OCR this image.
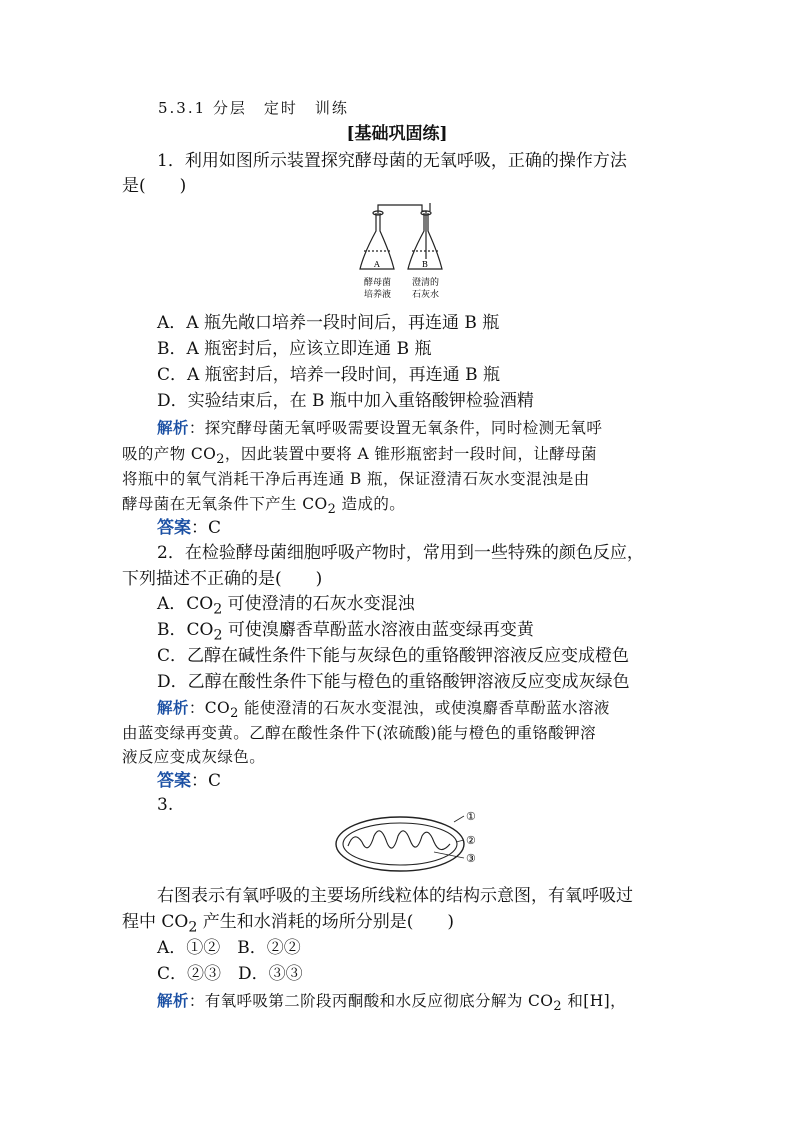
5.3.1 分层　定时　训练
[基础巩固练]
1．利用如图所示装置探究酵母菌的无氧呼吸，正确的操作方法
是(　　)
A	B
酵母菌
培养液
澄清的
石灰水
A．A 瓶先敞口培养一段时间后，再连通 B 瓶
B．A 瓶密封后，应该立即连通 B 瓶
C．A 瓶密封后，培养一段时间，再连通 B 瓶
D．实验结束后，在 B 瓶中加入重铬酸钾检验酒精
解析：探究酵母菌无氧呼吸需要设置无氧条件，同时检测无氧呼
吸的产物 $CO_2$，因此装置中要将 A 锥形瓶密封一段时间，让酵母菌
将瓶中的氧气消耗干净后再连通 B 瓶，保证澄清石灰水变混浊是由
酵母菌在无氧条件下产生 $CO_2$ 造成的。
答案：C
2．在检验酵母菌细胞呼吸产物时，常用到一些特殊的颜色反应，
下列描述不正确的是(　　)
A．$CO_2$ 可使澄清的石灰水变混浊
B．$CO_2$ 可使溴麝香草酚蓝水溶液由蓝变绿再变黄
C．乙醇在碱性条件下能与灰绿色的重铬酸钾溶液反应变成橙色
D．乙醇在酸性条件下能与橙色的重铬酸钾溶液反应变成灰绿色
解析：$CO_2$ 能使澄清的石灰水变混浊，或使溴麝香草酚蓝水溶液
由蓝变绿再变黄。乙醇在酸性条件下(浓硫酸)能与橙色的重铬酸钾溶
液反应变成灰绿色。
答案：C
3.
①
②
③
右图表示有氧呼吸的主要场所线粒体的结构示意图，有氧呼吸过
程中 $CO_2$ 产生和水消耗的场所分别是(　　)
A．①②　B．②②
C．②③　D．③③
解析：有氧呼吸第二阶段丙酮酸和水反应彻底分解为 $CO_2$ 和[H]，
